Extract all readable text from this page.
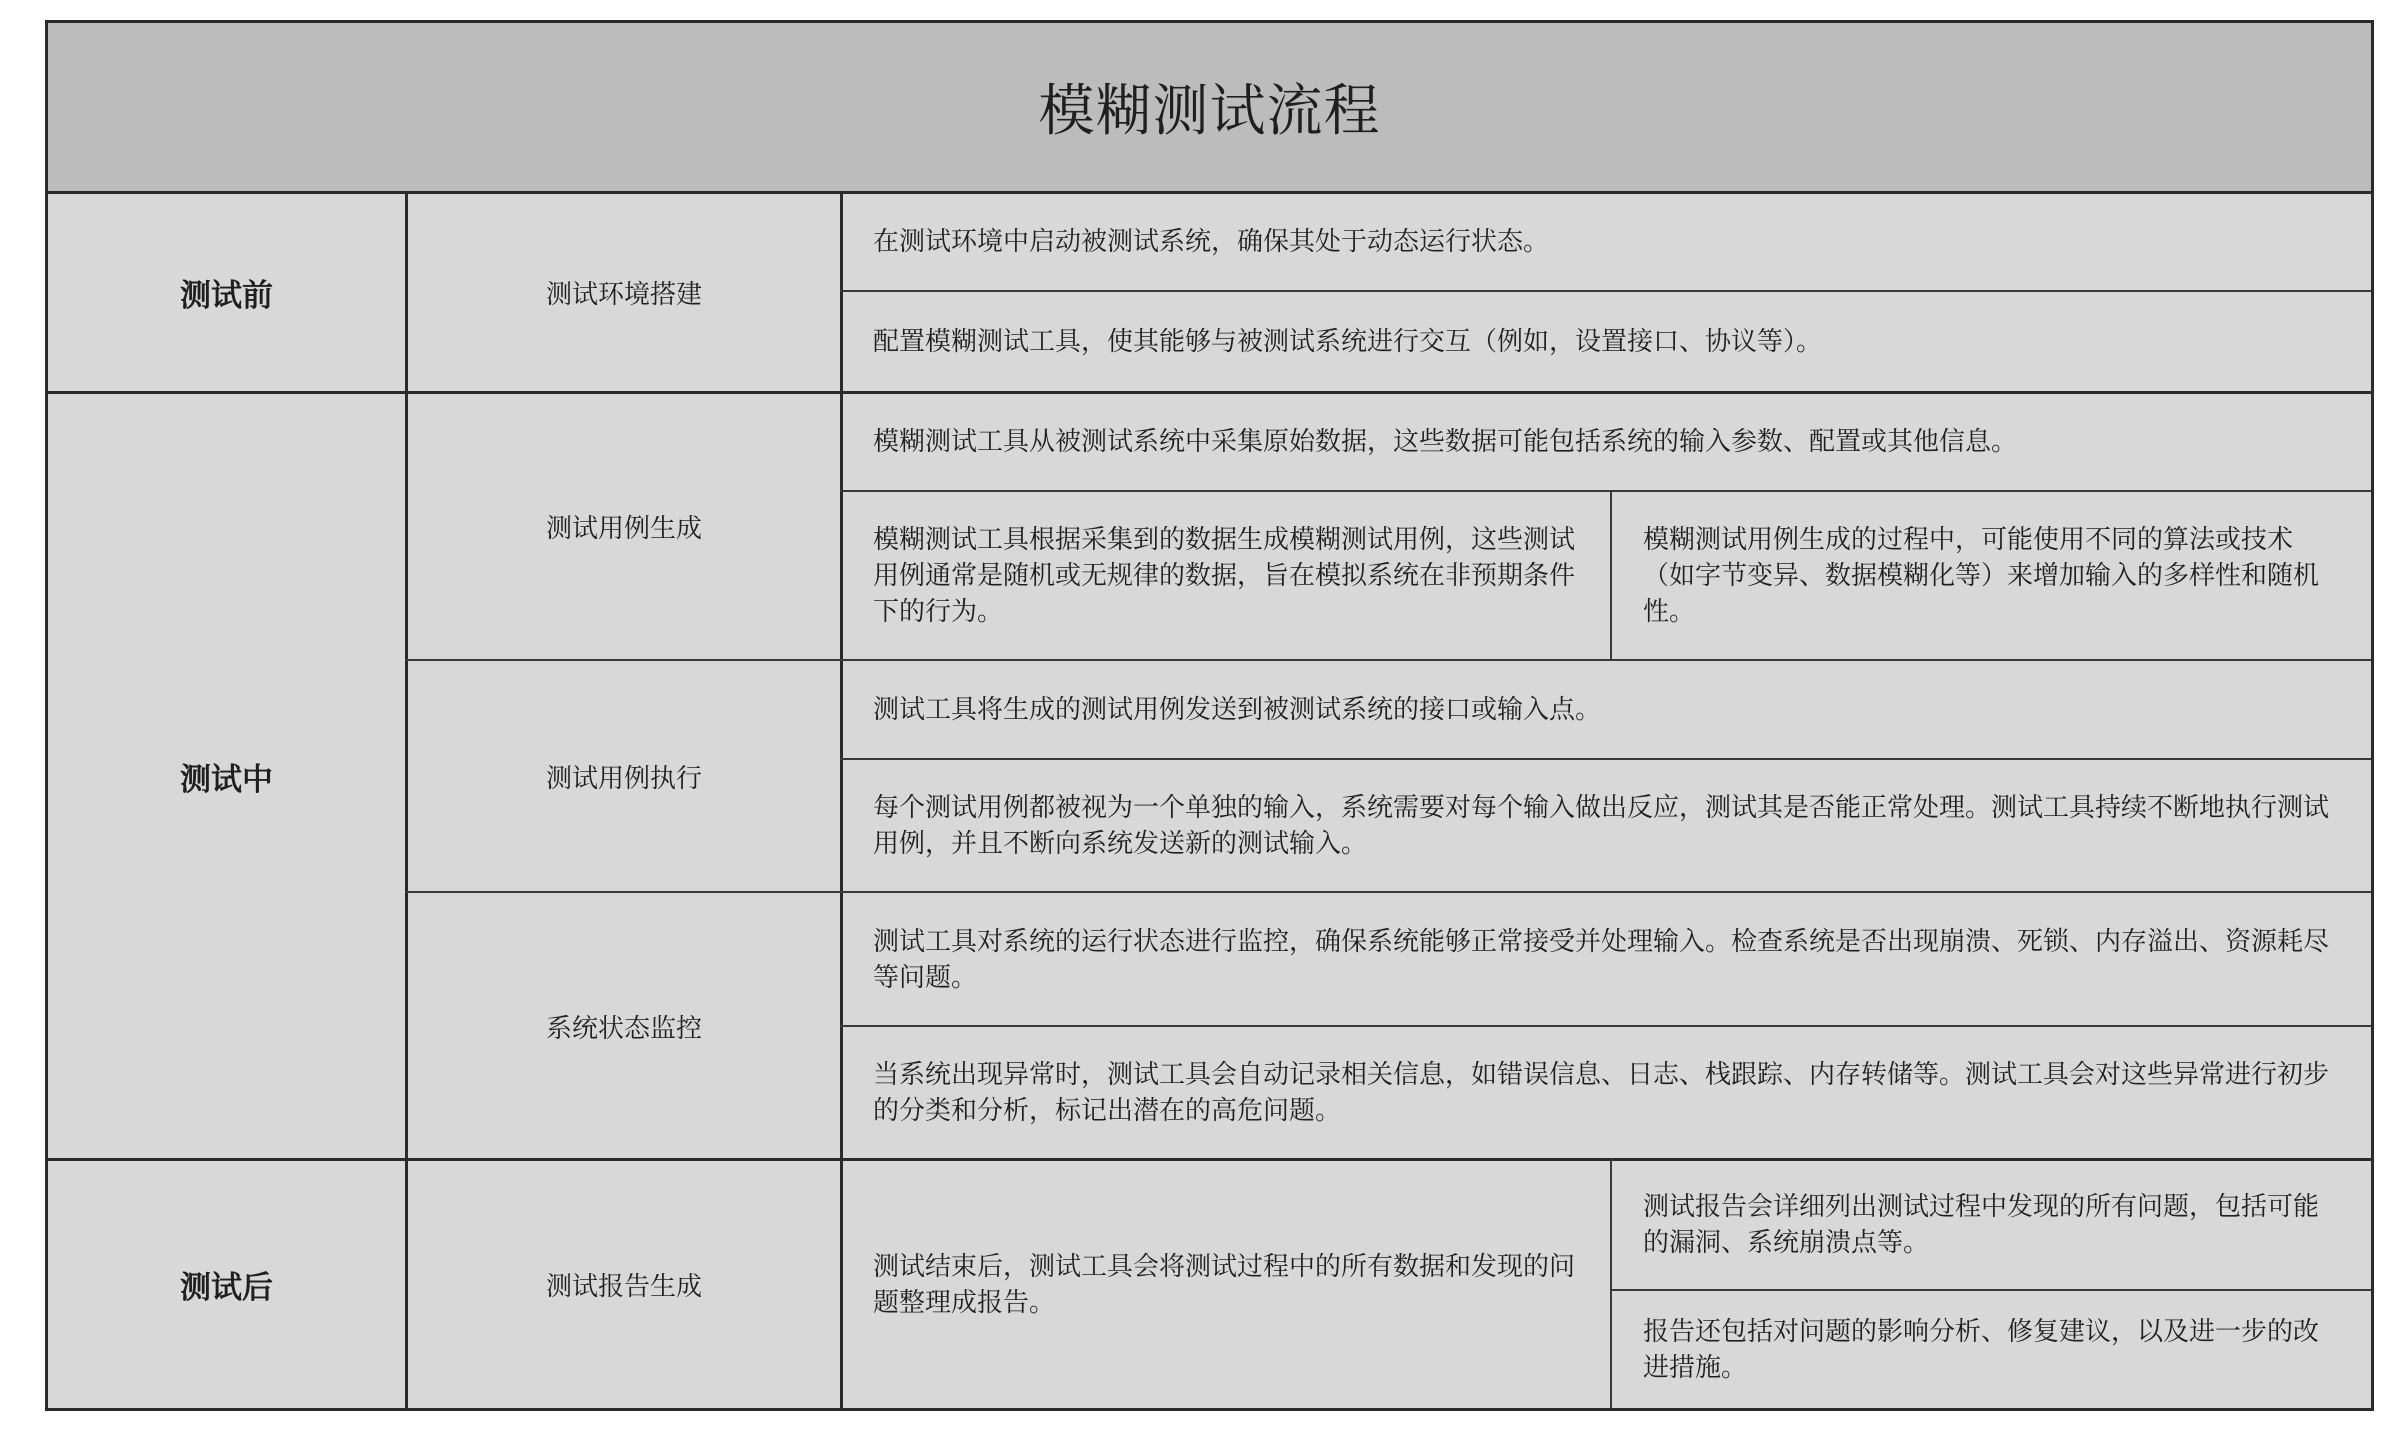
模糊测试流程
测试前
测试中
测试后
测试环境搭建
测试用例生成
测试用例执行
系统状态监控
测试报告生成
在测试环境中启动被测试系统，确保其处于动态运行状态。
配置模糊测试工具，使其能够与被测试系统进行交互（例如，设置接口、协议等）。
模糊测试工具从被测试系统中采集原始数据，这些数据可能包括系统的输入参数、配置或其他信息。
模糊测试工具根据采集到的数据生成模糊测试用例，这些测试用例通常是随机或无规律的数据，旨在模拟系统在非预期条件下的行为。
模糊测试用例生成的过程中，可能使用不同的算法或技术（如字节变异、数据模糊化等）来增加输入的多样性和随机性。
测试工具将生成的测试用例发送到被测试系统的接口或输入点。
每个测试用例都被视为一个单独的输入，系统需要对每个输入做出反应，测试其是否能正常处理。测试工具持续不断地执行测试用例，并且不断向系统发送新的测试输入。
测试工具对系统的运行状态进行监控，确保系统能够正常接受并处理输入。检查系统是否出现崩溃、死锁、内存溢出、资源耗尽等问题。
当系统出现异常时，测试工具会自动记录相关信息，如错误信息、日志、栈跟踪、内存转储等。测试工具会对这些异常进行初步的分类和分析，标记出潜在的高危问题。
测试结束后，测试工具会将测试过程中的所有数据和发现的问题整理成报告。
测试报告会详细列出测试过程中发现的所有问题，包括可能的漏洞、系统崩溃点等。
报告还包括对问题的影响分析、修复建议，以及进一步的改进措施。
